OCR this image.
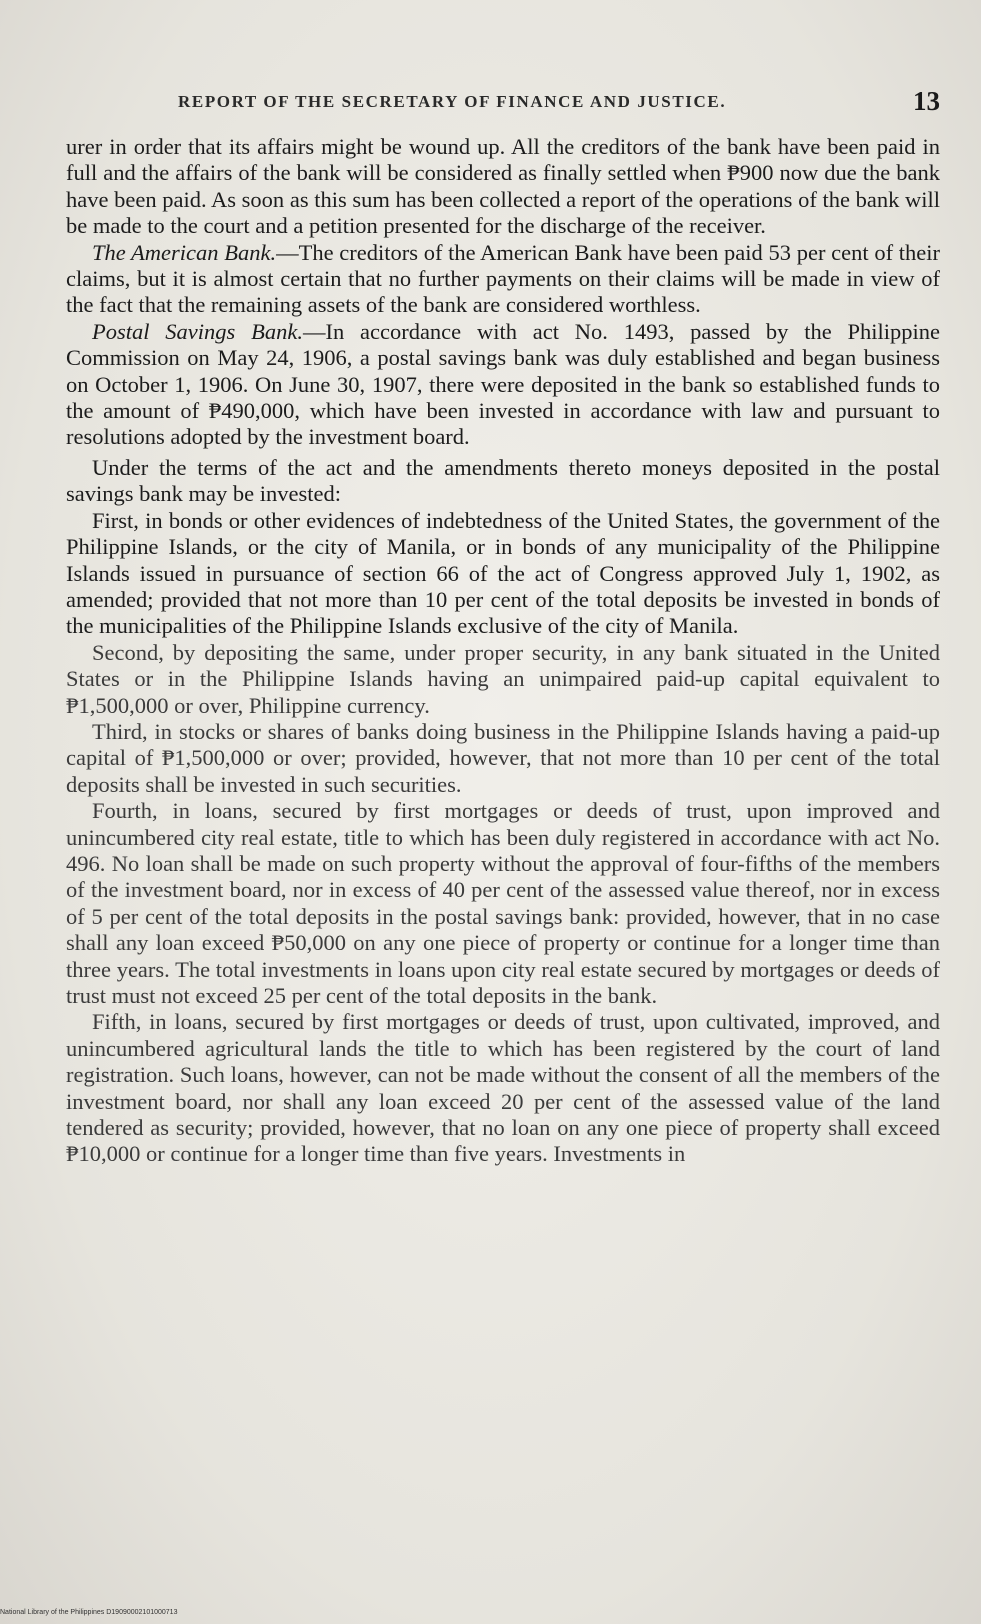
REPORT OF THE SECRETARY OF FINANCE AND JUSTICE.	13

urer in order that its affairs might be wound up. All the creditors of the bank have been paid in full and the affairs of the bank will be considered as finally settled when ₱900 now due the bank have been paid. As soon as this sum has been collected a report of the operations of the bank will be made to the court and a petition presented for the discharge of the receiver.

The American Bank.—The creditors of the American Bank have been paid 53 per cent of their claims, but it is almost certain that no further payments on their claims will be made in view of the fact that the remaining assets of the bank are considered worthless.

Postal Savings Bank.—In accordance with act No. 1493, passed by the Philippine Commission on May 24, 1906, a postal savings bank was duly established and began business on October 1, 1906. On June 30, 1907, there were deposited in the bank so established funds to the amount of ₱490,000, which have been invested in accordance with law and pursuant to resolutions adopted by the investment board.

Under the terms of the act and the amendments thereto moneys deposited in the postal savings bank may be invested:

First, in bonds or other evidences of indebtedness of the United States, the government of the Philippine Islands, or the city of Manila, or in bonds of any municipality of the Philippine Islands issued in pursuance of section 66 of the act of Congress approved July 1, 1902, as amended; provided that not more than 10 per cent of the total deposits be invested in bonds of the municipalities of the Philippine Islands exclusive of the city of Manila.

Second, by depositing the same, under proper security, in any bank situated in the United States or in the Philippine Islands having an unimpaired paid-up capital equivalent to ₱1,500,000 or over, Philippine currency.

Third, in stocks or shares of banks doing business in the Philippine Islands having a paid-up capital of ₱1,500,000 or over; provided, however, that not more than 10 per cent of the total deposits shall be invested in such securities.

Fourth, in loans, secured by first mortgages or deeds of trust, upon improved and unincumbered city real estate, title to which has been duly registered in accordance with act No. 496. No loan shall be made on such property without the approval of four-fifths of the members of the investment board, nor in excess of 40 per cent of the assessed value thereof, nor in excess of 5 per cent of the total deposits in the postal savings bank: provided, however, that in no case shall any loan exceed ₱50,000 on any one piece of property or continue for a longer time than three years. The total investments in loans upon city real estate secured by mortgages or deeds of trust must not exceed 25 per cent of the total deposits in the bank.

Fifth, in loans, secured by first mortgages or deeds of trust, upon cultivated, improved, and unincumbered agricultural lands the title to which has been registered by the court of land registration. Such loans, however, can not be made without the consent of all the members of the investment board, nor shall any loan exceed 20 per cent of the assessed value of the land tendered as security; provided, however, that no loan on any one piece of property shall exceed ₱10,000 or continue for a longer time than five years. Investments in

National Library of the Philippines D19090002101000713
